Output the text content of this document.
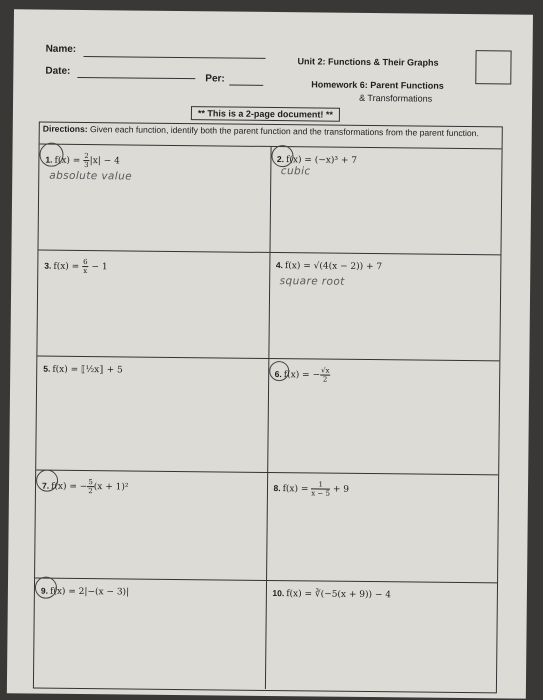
Name:
Date:
Per:
Unit 2: Functions & Their Graphs
Homework 6: Parent Functions
& Transformations
** This is a 2-page document! **
Directions: Given each function, identify both the parent function and the transformations from the parent function.
1. $f(x) = \frac{2}{3} |x| - 4$
absolute value
2. f(x) = (−x)³ + 7
cubic
3. $f(x) = \frac{6}{x} - 1$	4. f(x) = √(4(x − 2)) + 7
square root
5. f(x) = ⟦½x⟧ + 5	6. f(x) = − $\frac{√x}{2}$
7. f(x) = − $\frac{5}{2} (x + 1)^2$	8. $f(x) = \frac{1}{x - 5} + 9$
9. f(x) = 2|−(x − 3)|	10. f(x) = ∛(−5(x + 9)) − 4
